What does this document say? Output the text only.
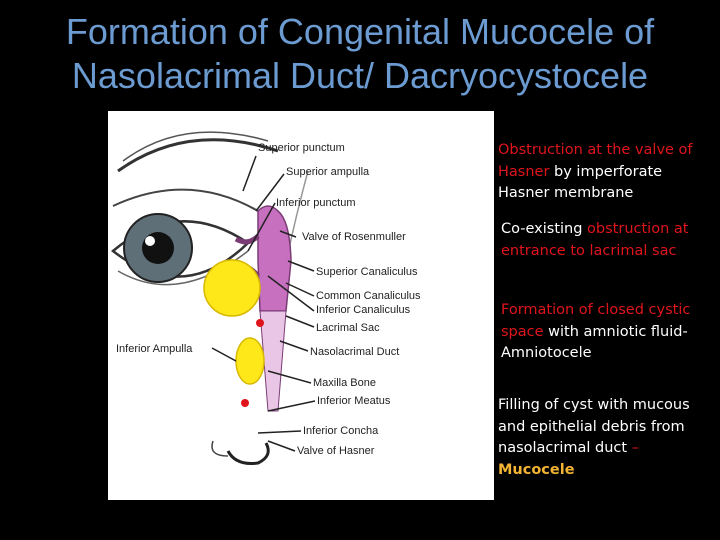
Formation of Congenital Mucocele of
Nasolacrimal Duct/ Dacryocystocele
Superior punctum
Superior ampulla
Inferior punctum
Valve of Rosenmuller
Superior Canaliculus
Common Canaliculus
Inferior Canaliculus
Lacrimal Sac
Nasolacrimal Duct
Inferior Ampulla
Maxilla Bone
Inferior Meatus
Inferior Concha
Valve of Hasner
Obstruction at the valve of Hasner by imperforate Hasner membrane
Co-existing obstruction at entrance to lacrimal sac
Formation of closed cystic space with amniotic fluid- Amniotocele
Filling of cyst with mucous and epithelial debris from nasolacrimal duct – Mucocele
